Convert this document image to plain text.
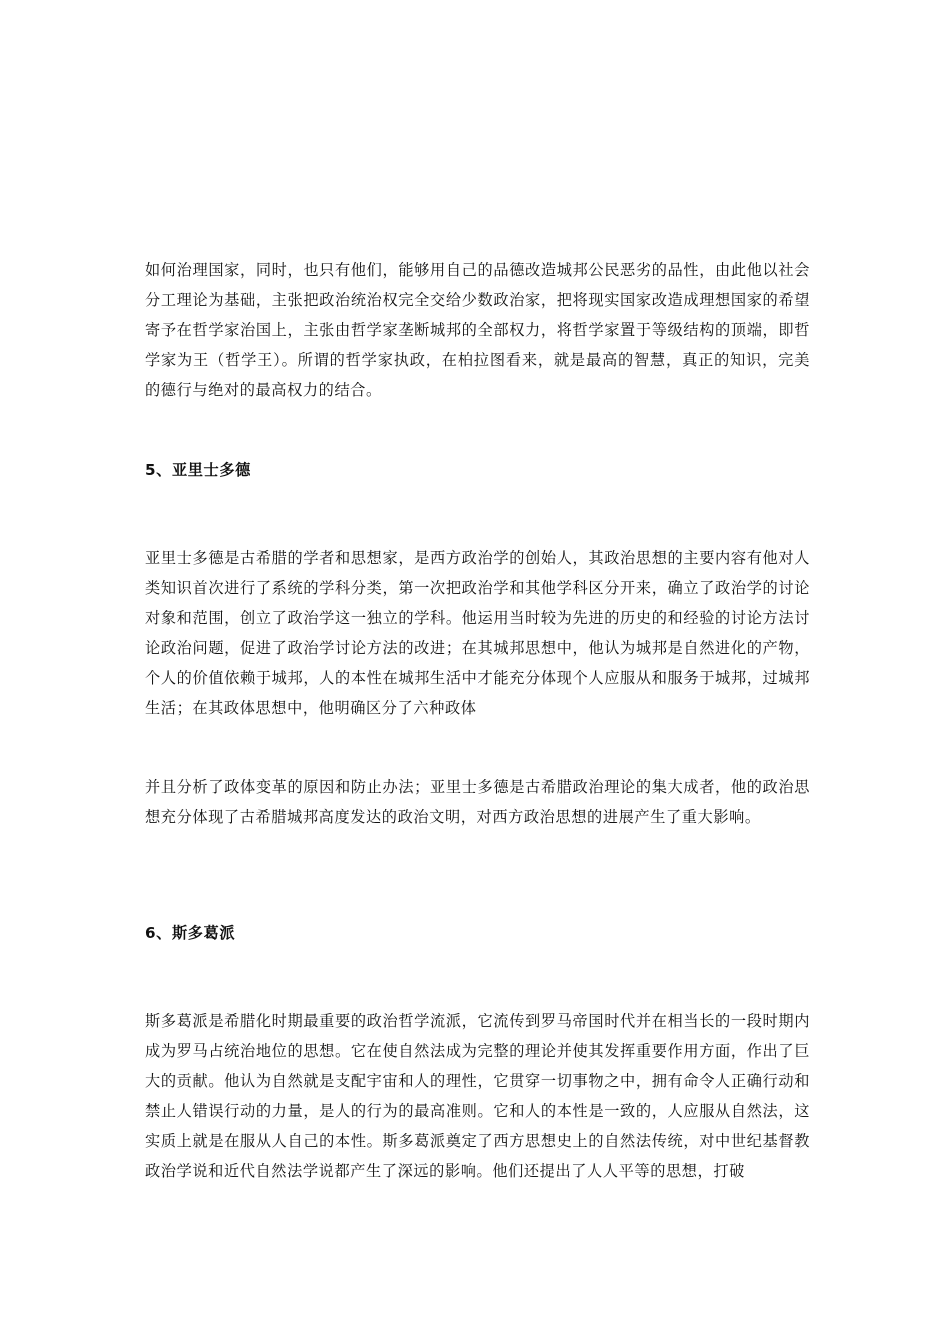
如何治理国家，同时，也只有他们，能够用自己的品德改造城邦公民恶劣的品性，由此他以社会分工理论为基础，主张把政治统治权完全交给少数政治家，把将现实国家改造成理想国家的希望寄予在哲学家治国上，主张由哲学家垄断城邦的全部权力，将哲学家置于等级结构的顶端，即哲学家为王（哲学王）。所谓的哲学家执政，在柏拉图看来，就是最高的智慧，真正的知识，完美的德行与绝对的最高权力的结合。

5、亚里士多德

亚里士多德是古希腊的学者和思想家，是西方政治学的创始人，其政治思想的主要内容有他对人类知识首次进行了系统的学科分类，第一次把政治学和其他学科区分开来，确立了政治学的讨论对象和范围，创立了政治学这一独立的学科。他运用当时较为先进的历史的和经验的讨论方法讨论政治问题，促进了政治学讨论方法的改进；在其城邦思想中，他认为城邦是自然进化的产物，个人的价值依赖于城邦，人的本性在城邦生活中才能充分体现个人应服从和服务于城邦，过城邦生活；在其政体思想中，他明确区分了六种政体

并且分析了政体变革的原因和防止办法；亚里士多德是古希腊政治理论的集大成者，他的政治思想充分体现了古希腊城邦高度发达的政治文明，对西方政治思想的进展产生了重大影响。

6、斯多葛派

斯多葛派是希腊化时期最重要的政治哲学流派，它流传到罗马帝国时代并在相当长的一段时期内成为罗马占统治地位的思想。它在使自然法成为完整的理论并使其发挥重要作用方面，作出了巨大的贡献。他认为自然就是支配宇宙和人的理性，它贯穿一切事物之中，拥有命令人正确行动和禁止人错误行动的力量，是人的行为的最高准则。它和人的本性是一致的，人应服从自然法，这实质上就是在服从人自己的本性。斯多葛派奠定了西方思想史上的自然法传统，对中世纪基督教政治学说和近代自然法学说都产生了深远的影响。他们还提出了人人平等的思想，打破
